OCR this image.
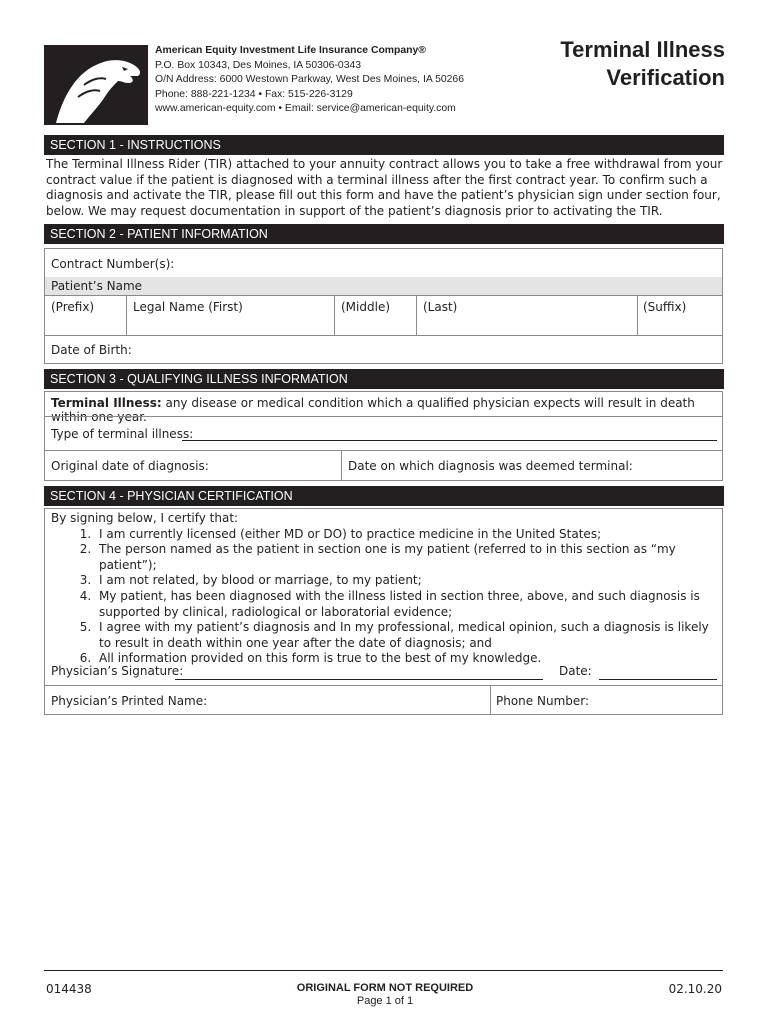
™ American Equity Investment Life Insurance Company®
P.O. Box 10343, Des Moines, IA 50306-0343
O/N Address: 6000 Westown Parkway, West Des Moines, IA 50266
Phone: 888-221-1234 • Fax: 515-226-3129
www.american-equity.com • Email: service@american-equity.com
Terminal Illness
Verification
SECTION 1 - INSTRUCTIONS
The Terminal Illness Rider (TIR) attached to your annuity contract allows you to take a free withdrawal from your contract value if the patient is diagnosed with a terminal illness after the first contract year. To confirm such a diagnosis and activate the TIR, please fill out this form and have the patient’s physician sign under section four, below. We may request documentation in support of the patient’s diagnosis prior to activating the TIR.
SECTION 2 - PATIENT INFORMATION
Contract Number(s):
Patient’s Name
(Prefix)	Legal Name (First)	(Middle)	(Last)	(Suffix)
Date of Birth:
SECTION 3 - QUALIFYING ILLNESS INFORMATION
Terminal Illness: any disease or medical condition which a qualified physician expects will result in death within one year.
Type of terminal illness:
Original date of diagnosis:	Date on which diagnosis was deemed terminal:
SECTION 4 - PHYSICIAN CERTIFICATION
By signing below, I certify that:
1. I am currently licensed (either MD or DO) to practice medicine in the United States;
2. The person named as the patient in section one is my patient (referred to in this section as “my patient”);
3. I am not related, by blood or marriage, to my patient;
4. My patient, has been diagnosed with the illness listed in section three, above, and such diagnosis is supported by clinical, radiological or laboratorial evidence;
5. I agree with my patient’s diagnosis and In my professional, medical opinion, such a diagnosis is likely to result in death within one year after the date of diagnosis; and
6. All information provided on this form is true to the best of my knowledge.
Physician’s Signature:	Date:
Physician’s Printed Name:	Phone Number:
014438	ORIGINAL FORM NOT REQUIRED
Page 1 of 1
02.10.20
